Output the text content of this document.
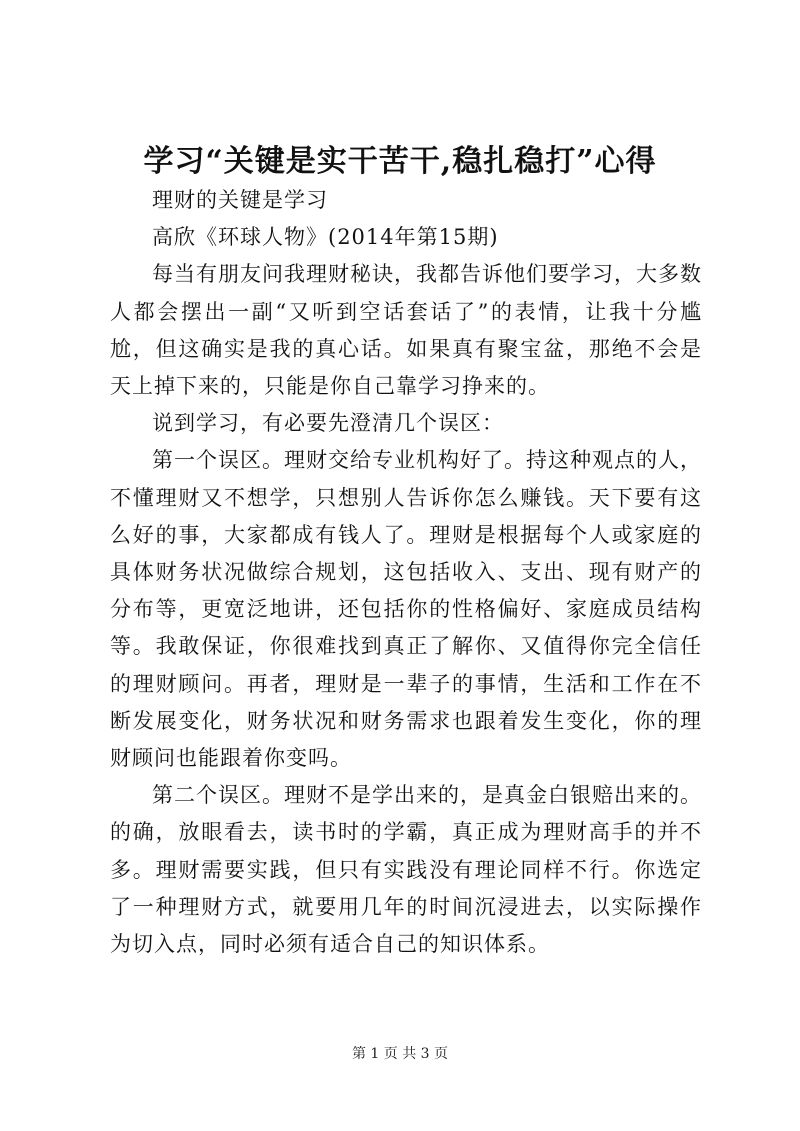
学习“关键是实干苦干,稳扎稳打”心得

理财的关键是学习

高欣《环球人物》(2014年第15期)

每当有朋友问我理财秘诀，我都告诉他们要学习，大多数人都会摆出一副“又听到空话套话了”的表情，让我十分尴尬，但这确实是我的真心话。如果真有聚宝盆，那绝不会是天上掉下来的，只能是你自己靠学习挣来的。

说到学习，有必要先澄清几个误区：

第一个误区。理财交给专业机构好了。持这种观点的人，不懂理财又不想学，只想别人告诉你怎么赚钱。天下要有这么好的事，大家都成有钱人了。理财是根据每个人或家庭的具体财务状况做综合规划，这包括收入、支出、现有财产的分布等，更宽泛地讲，还包括你的性格偏好、家庭成员结构等。我敢保证，你很难找到真正了解你、又值得你完全信任的理财顾问。再者，理财是一辈子的事情，生活和工作在不断发展变化，财务状况和财务需求也跟着发生变化，你的理财顾问也能跟着你变吗。

第二个误区。理财不是学出来的，是真金白银赔出来的。的确，放眼看去，读书时的学霸，真正成为理财高手的并不多。理财需要实践，但只有实践没有理论同样不行。你选定了一种理财方式，就要用几年的时间沉浸进去，以实际操作为切入点，同时必须有适合自己的知识体系。

第 1 页 共 3 页
